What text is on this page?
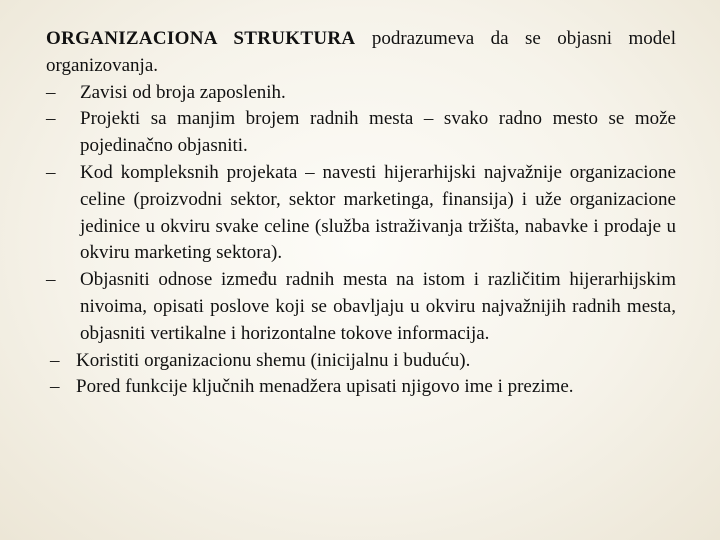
ORGANIZACIONA STRUKTURA podrazumeva da se objasni model organizovanja.

– Zavisi od broja zaposlenih.
– Projekti sa manjim brojem radnih mesta – svako radno mesto se može pojedinačno objasniti.
– Kod kompleksnih projekata – navesti hijerarhijski najvažnije organizacione celine (proizvodni sektor, sektor marketinga, finansija) i uže organizacione jedinice u okviru svake celine (služba istraživanja tržišta, nabavke i prodaje u okviru marketing sektora).
– Objasniti odnose između radnih mesta na istom i različitim hijerarhijskim nivoima, opisati poslove koji se obavljaju u okviru najvažnijih radnih mesta, objasniti vertikalne i horizontalne tokove informacija.
– Koristiti organizacionu shemu (inicijalnu i buduću).
– Pored funkcije ključnih menadžera upisati njigovo ime i prezime.
